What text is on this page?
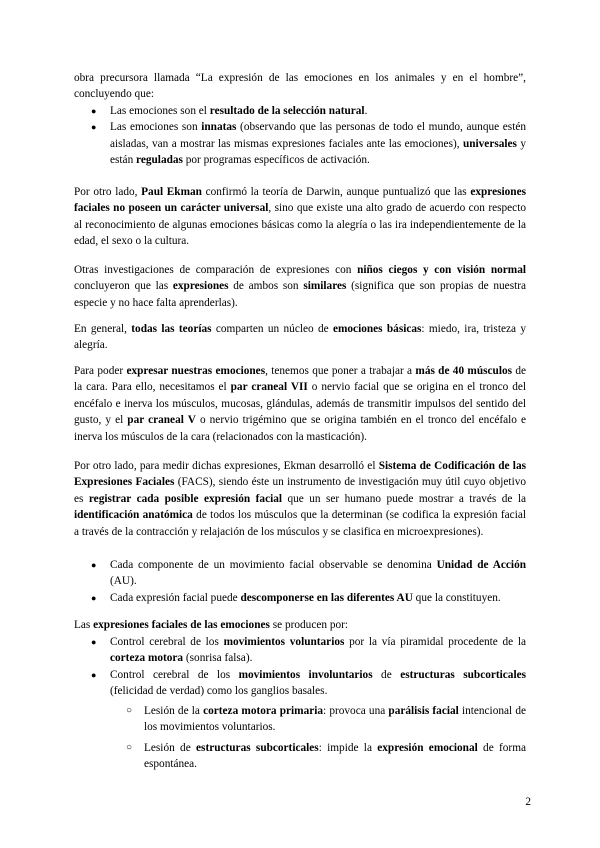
obra precursora llamada “La expresión de las emociones en los animales y en el hombre”, concluyendo que:

● Las emociones son el resultado de la selección natural.
● Las emociones son innatas (observando que las personas de todo el mundo, aunque estén aisladas, van a mostrar las mismas expresiones faciales ante las emociones), universales y están reguladas por programas específicos de activación.

Por otro lado, Paul Ekman confirmó la teoría de Darwin, aunque puntualizó que las expresiones faciales no poseen un carácter universal, sino que existe una alto grado de acuerdo con respecto al reconocimiento de algunas emociones básicas como la alegría o las ira independientemente de la edad, el sexo o la cultura.

Otras investigaciones de comparación de expresiones con niños ciegos y con visión normal concluyeron que las expresiones de ambos son similares (significa que son propias de nuestra especie y no hace falta aprenderlas).

En general, todas las teorías comparten un núcleo de emociones básicas: miedo, ira, tristeza y alegría.

Para poder expresar nuestras emociones, tenemos que poner a trabajar a más de 40 músculos de la cara. Para ello, necesitamos el par craneal VII o nervio facial que se origina en el tronco del encéfalo e inerva los músculos, mucosas, glándulas, además de transmitir impulsos del sentido del gusto, y el par craneal V o nervio trigémino que se origina también en el tronco del encéfalo e inerva los músculos de la cara (relacionados con la masticación).

Por otro lado, para medir dichas expresiones, Ekman desarrolló el Sistema de Codificación de las Expresiones Faciales (FACS), siendo éste un instrumento de investigación muy útil cuyo objetivo es registrar cada posible expresión facial que un ser humano puede mostrar a través de la identificación anatómica de todos los músculos que la determinan (se codifica la expresión facial a través de la contracción y relajación de los músculos y se clasifica en microexpresiones).

● Cada componente de un movimiento facial observable se denomina Unidad de Acción (AU).
● Cada expresión facial puede descomponerse en las diferentes AU que la constituyen.

Las expresiones faciales de las emociones se producen por:

● Control cerebral de los movimientos voluntarios por la vía piramidal procedente de la corteza motora (sonrisa falsa).
● Control cerebral de los movimientos involuntarios de estructuras subcorticales (felicidad de verdad) como los ganglios basales.
○ Lesión de la corteza motora primaria: provoca una parálisis facial intencional de los movimientos voluntarios.
○ Lesión de estructuras subcorticales: impide la expresión emocional de forma espontánea.
2
